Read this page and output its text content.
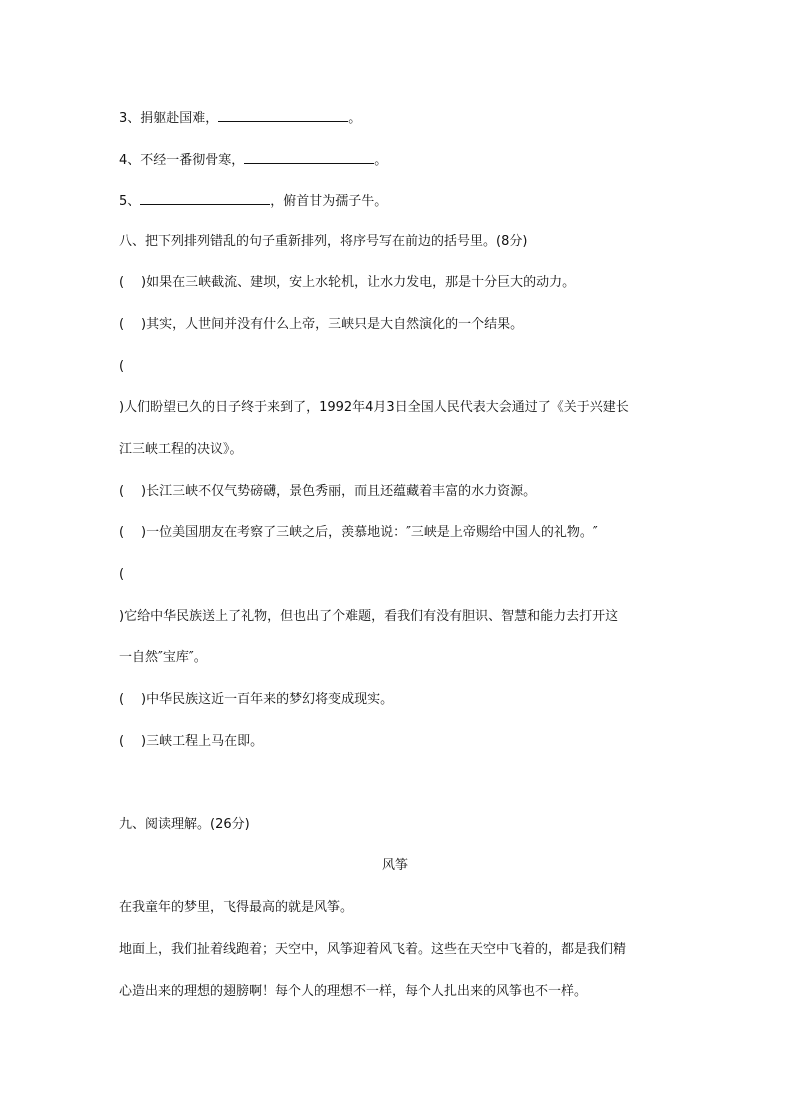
3、捐躯赴国难，	。
4、不经一番彻骨寒，	。
5、	，俯首甘为孺子牛。
八、把下列排列错乱的句子重新排列，将序号写在前边的括号里。(8分)
( )如果在三峡截流、建坝，安上水轮机，让水力发电，那是十分巨大的动力。
( )其实，人世间并没有什么上帝，三峡只是大自然演化的一个结果。
(
)人们盼望已久的日子终于来到了，1992年4月3日全国人民代表大会通过了《关于兴建长
江三峡工程的决议》。
( )长江三峡不仅气势磅礴，景色秀丽，而且还蕴藏着丰富的水力资源。
( )一位美国朋友在考察了三峡之后，羡慕地说：″三峡是上帝赐给中国人的礼物。″
(
)它给中华民族送上了礼物，但也出了个难题，看我们有没有胆识、智慧和能力去打开这
一自然″宝库″。
( )中华民族这近一百年来的梦幻将变成现实。
( )三峡工程上马在即。
九、阅读理解。(26分)
风筝
在我童年的梦里，飞得最高的就是风筝。
地面上，我们扯着线跑着；天空中，风筝迎着风飞着。这些在天空中飞着的，都是我们精
心造出来的理想的翅膀啊！每个人的理想不一样，每个人扎出来的风筝也不一样。
